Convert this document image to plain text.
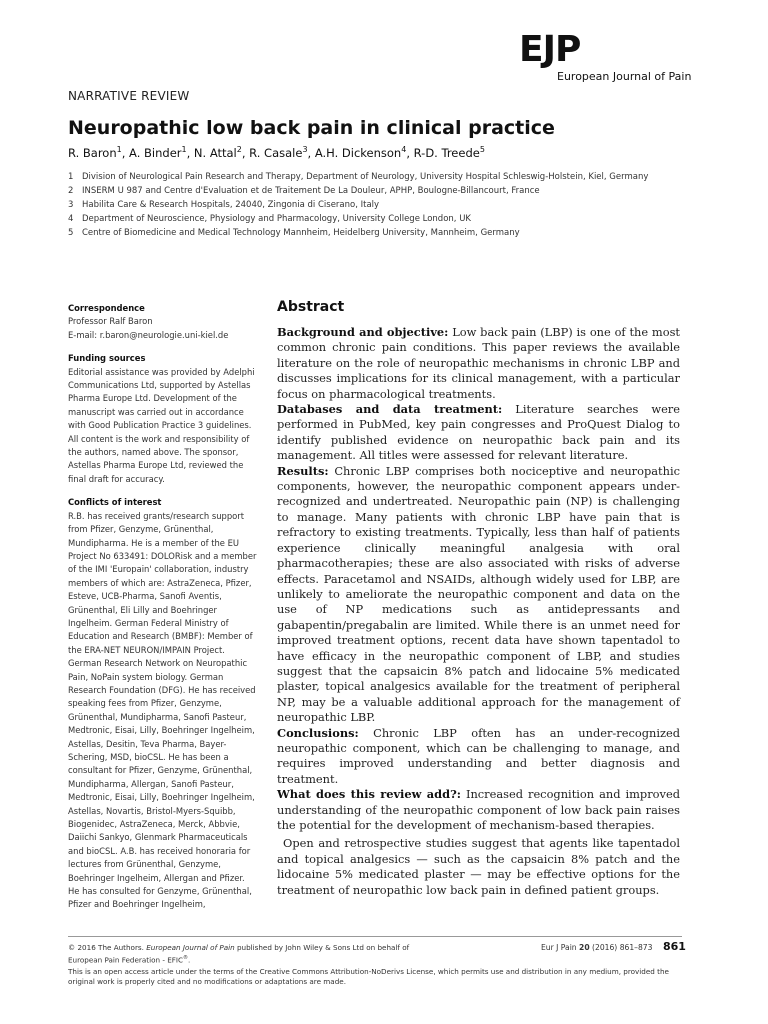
EJP
European Journal of Pain
NARRATIVE REVIEW
Neuropathic low back pain in clinical practice
R. Baron$^1$, A. Binder$^1$, N. Attal$^2$, R. Casale$^3$, A.H. Dickenson$^4$, R-D. Treede$^5$
1 Division of Neurological Pain Research and Therapy, Department of Neurology, University Hospital Schleswig-Holstein, Kiel, Germany
2 INSERM U 987 and Centre d'Evaluation et de Traitement De La Douleur, APHP, Boulogne-Billancourt, France
3 Habilita Care & Research Hospitals, 24040, Zingonia di Ciserano, Italy
4 Department of Neuroscience, Physiology and Pharmacology, University College London, UK
5 Centre of Biomedicine and Medical Technology Mannheim, Heidelberg University, Mannheim, Germany

Correspondence

Professor Ralf Baron

E-mail: r.baron@neurologie.uni-kiel.de

Funding sources

Editorial assistance was provided by Adelphi Communications Ltd, supported by Astellas Pharma Europe Ltd. Development of the manuscript was carried out in accordance with Good Publication Practice 3 guidelines. All content is the work and responsibility of the authors, named above. The sponsor, Astellas Pharma Europe Ltd, reviewed the final draft for accuracy.

Conflicts of interest

R.B. has received grants/research support from Pfizer, Genzyme, Grünenthal, Mundipharma. He is a member of the EU Project No 633491: DOLORisk and a member of the IMI 'Europain' collaboration, industry members of which are: AstraZeneca, Pfizer, Esteve, UCB-Pharma, Sanofi Aventis, Grünenthal, Eli Lilly and Boehringer Ingelheim. German Federal Ministry of Education and Research (BMBF): Member of the ERA-NET NEURON/IMPAIN Project. German Research Network on Neuropathic Pain, NoPain system biology. German Research Foundation (DFG). He has received speaking fees from Pfizer, Genzyme, Grünenthal, Mundipharma, Sanofi Pasteur, Medtronic, Eisai, Lilly, Boehringer Ingelheim, Astellas, Desitin, Teva Pharma, Bayer-Schering, MSD, bioCSL. He has been a consultant for Pfizer, Genzyme, Grünenthal, Mundipharma, Allergan, Sanofi Pasteur, Medtronic, Eisai, Lilly, Boehringer Ingelheim, Astellas, Novartis, Bristol-Myers-Squibb, Biogenidec, AstraZeneca, Merck, Abbvie, Daiichi Sankyo, Glenmark Pharmaceuticals and bioCSL. A.B. has received honoraria for lectures from Grünenthal, Genzyme, Boehringer Ingelheim, Allergan and Pfizer. He has consulted for Genzyme, Grünenthal, Pfizer and Boehringer Ingelheim,

Abstract

Background and objective: Low back pain (LBP) is one of the most common chronic pain conditions. This paper reviews the available literature on the role of neuropathic mechanisms in chronic LBP and discusses implications for its clinical management, with a particular focus on pharmacological treatments.

Databases and data treatment: Literature searches were performed in PubMed, key pain congresses and ProQuest Dialog to identify published evidence on neuropathic back pain and its management. All titles were assessed for relevant literature.

Results: Chronic LBP comprises both nociceptive and neuropathic components, however, the neuropathic component appears under-recognized and undertreated. Neuropathic pain (NP) is challenging to manage. Many patients with chronic LBP have pain that is refractory to existing treatments. Typically, less than half of patients experience clinically meaningful analgesia with oral pharmacotherapies; these are also associated with risks of adverse effects. Paracetamol and NSAIDs, although widely used for LBP, are unlikely to ameliorate the neuropathic component and data on the use of NP medications such as antidepressants and gabapentin/pregabalin are limited. While there is an unmet need for improved treatment options, recent data have shown tapentadol to have efficacy in the neuropathic component of LBP, and studies suggest that the capsaicin 8% patch and lidocaine 5% medicated plaster, topical analgesics available for the treatment of peripheral NP, may be a valuable additional approach for the management of neuropathic LBP.

Conclusions: Chronic LBP often has an under-recognized neuropathic component, which can be challenging to manage, and requires improved understanding and better diagnosis and treatment.

What does this review add?: Increased recognition and improved understanding of the neuropathic component of low back pain raises the potential for the development of mechanism-based therapies.

Open and retrospective studies suggest that agents like tapentadol and topical analgesics — such as the capsaicin 8% patch and the lidocaine 5% medicated plaster — may be effective options for the treatment of neuropathic low back pain in defined patient groups.

© 2016 The Authors. European Journal of Pain published by John Wiley & Sons Ltd on behalf of
European Pain Federation - EFIC®.
This is an open access article under the terms of the Creative Commons Attribution-NoDerivs License, which permits use and distribution in any medium, provided the original work is properly cited and no modifications or adaptations are made.
Eur J Pain 20 (2016) 861–873 861
